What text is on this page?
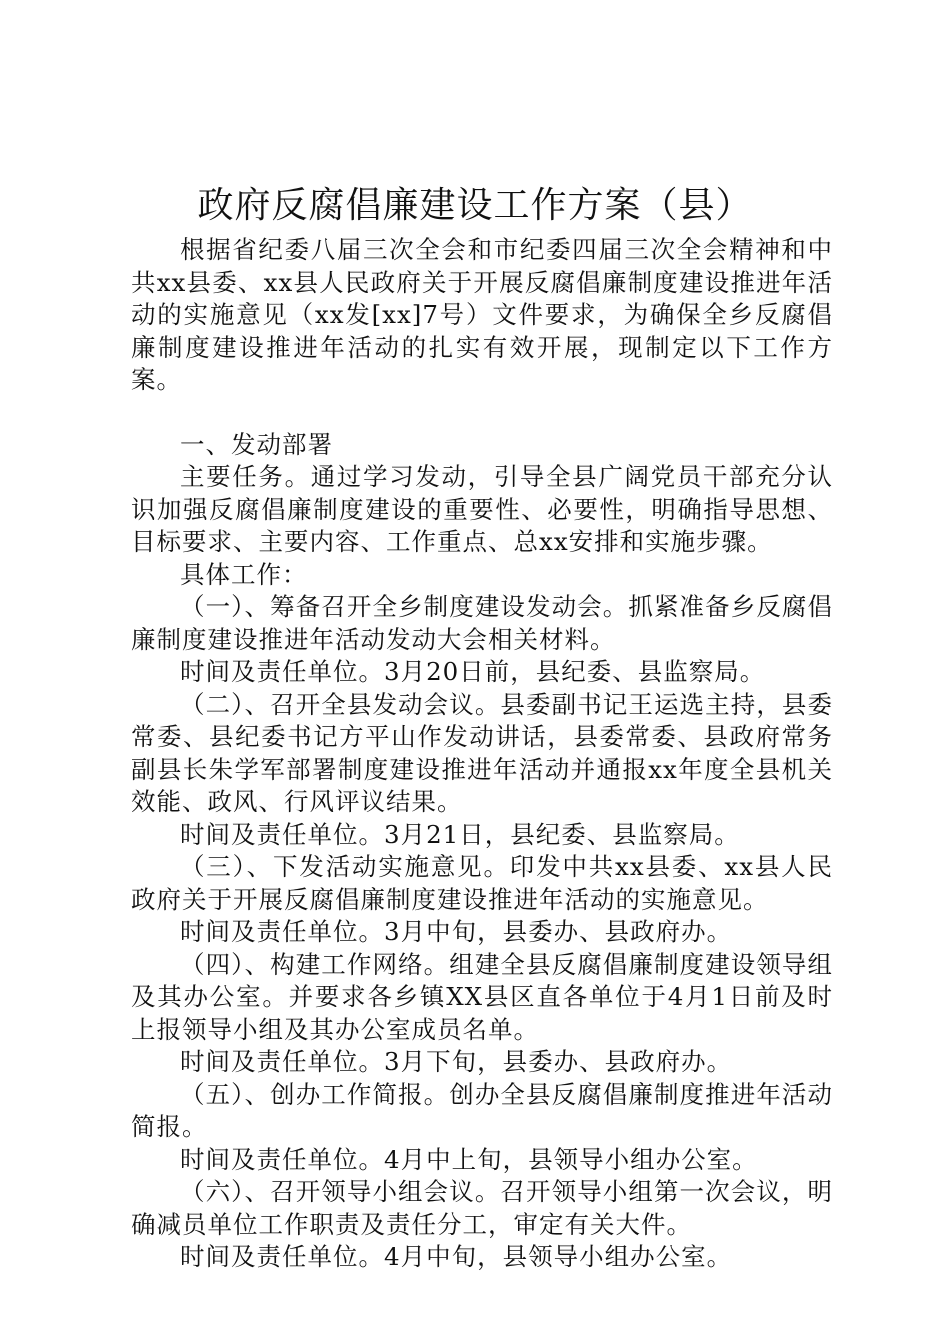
政府反腐倡廉建设工作方案（县）

根据省纪委八届三次全会和市纪委四届三次全会精神和中共xx县委、xx县人民政府关于开展反腐倡廉制度建设推进年活动的实施意见（xx发[xx]7号）文件要求，为确保全乡反腐倡廉制度建设推进年活动的扎实有效开展，现制定以下工作方案。

一、发动部署

主要任务。通过学习发动，引导全县广阔党员干部充分认识加强反腐倡廉制度建设的重要性、必要性，明确指导思想、目标要求、主要内容、工作重点、总xx安排和实施步骤。

具体工作：

（一）、筹备召开全乡制度建设发动会。抓紧准备乡反腐倡廉制度建设推进年活动发动大会相关材料。

时间及责任单位。3月20日前，县纪委、县监察局。

（二）、召开全县发动会议。县委副书记王运选主持，县委常委、县纪委书记方平山作发动讲话，县委常委、县政府常务副县长朱学军部署制度建设推进年活动并通报xx年度全县机关效能、政风、行风评议结果。

时间及责任单位。3月21日，县纪委、县监察局。

（三）、下发活动实施意见。印发中共xx县委、xx县人民政府关于开展反腐倡廉制度建设推进年活动的实施意见。

时间及责任单位。3月中旬，县委办、县政府办。

（四）、构建工作网络。组建全县反腐倡廉制度建设领导组及其办公室。并要求各乡镇XX县区直各单位于4月1日前及时上报领导小组及其办公室成员名单。

时间及责任单位。3月下旬，县委办、县政府办。

（五）、创办工作简报。创办全县反腐倡廉制度推进年活动简报。

时间及责任单位。4月中上旬，县领导小组办公室。

（六）、召开领导小组会议。召开领导小组第一次会议，明确减员单位工作职责及责任分工，审定有关大件。

时间及责任单位。4月中旬，县领导小组办公室。
